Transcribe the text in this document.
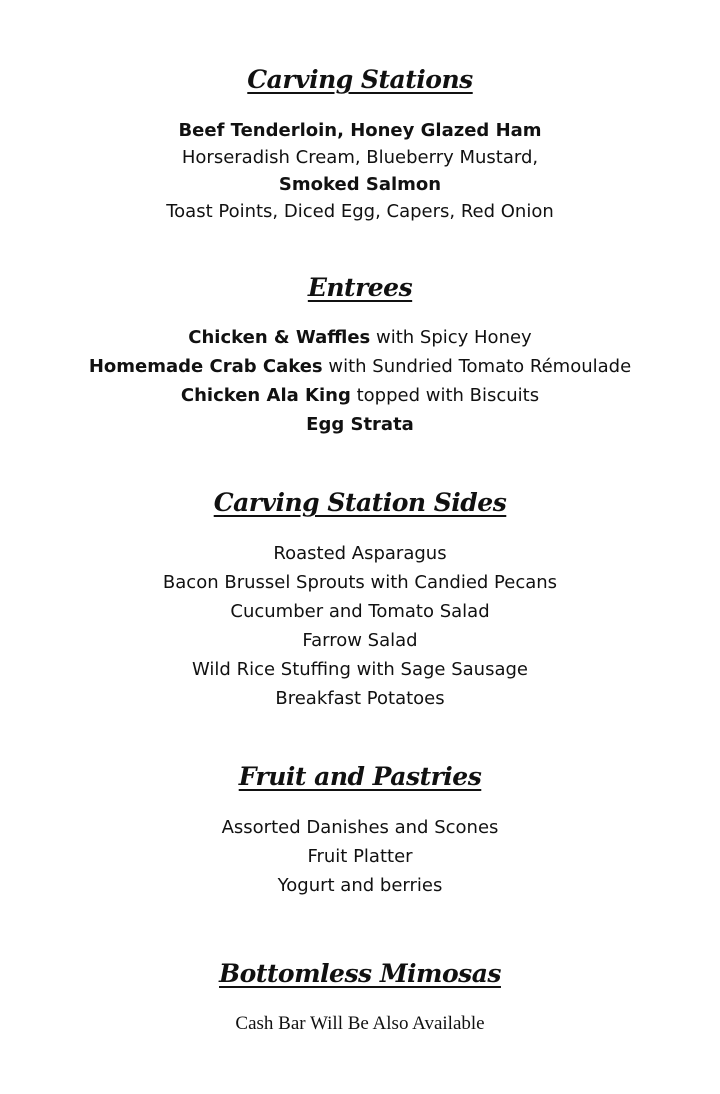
Carving Stations
Beef Tenderloin, Honey Glazed Ham
Horseradish Cream, Blueberry Mustard,
Smoked Salmon
Toast Points, Diced Egg, Capers, Red Onion
Entrees
Chicken & Waffles with Spicy Honey
Homemade Crab Cakes with Sundried Tomato Rémoulade
Chicken Ala King topped with Biscuits
Egg Strata
Carving Station Sides
Roasted Asparagus
Bacon Brussel Sprouts with Candied Pecans
Cucumber and Tomato Salad
Farrow Salad
Wild Rice Stuffing with Sage Sausage
Breakfast Potatoes
Fruit and Pastries
Assorted Danishes and Scones
Fruit Platter
Yogurt and berries
Bottomless Mimosas
Cash Bar Will Be Also Available
